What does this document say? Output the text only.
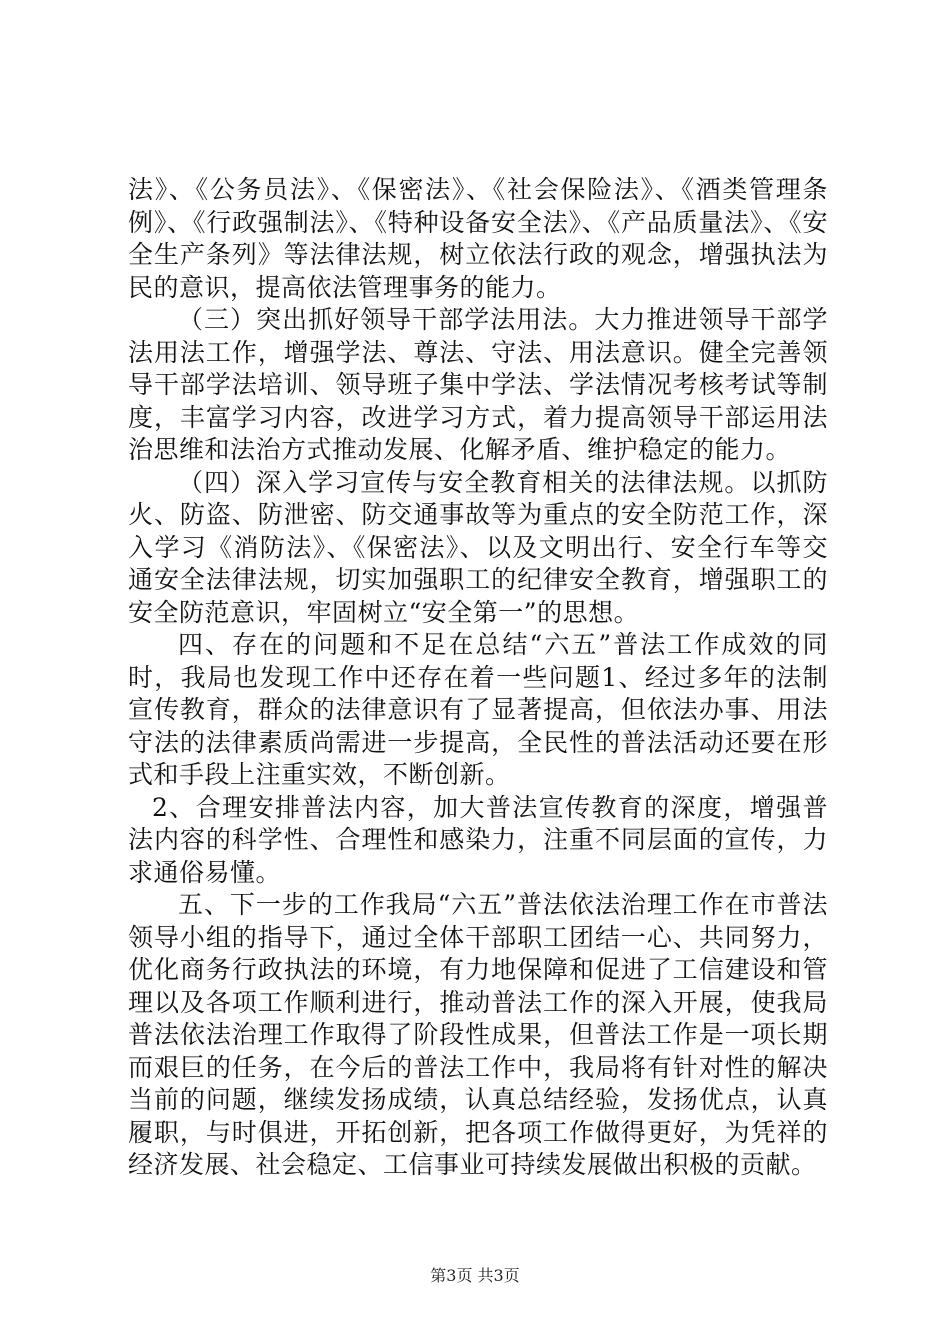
法》、《公务员法》、《保密法》、《社会保险法》、《酒类管理条例》、《行政强制法》、《特种设备安全法》、《产品质量法》、《安全生产条列》等法律法规，树立依法行政的观念，增强执法为民的意识，提高依法管理事务的能力。

（三）突出抓好领导干部学法用法。大力推进领导干部学法用法工作，增强学法、尊法、守法、用法意识。健全完善领导干部学法培训、领导班子集中学法、学法情况考核考试等制度，丰富学习内容，改进学习方式，着力提高领导干部运用法治思维和法治方式推动发展、化解矛盾、维护稳定的能力。

（四）深入学习宣传与安全教育相关的法律法规。以抓防火、防盗、防泄密、防交通事故等为重点的安全防范工作，深入学习《消防法》、《保密法》、以及文明出行、安全行车等交通安全法律法规，切实加强职工的纪律安全教育，增强职工的安全防范意识，牢固树立“安全第一”的思想。

四、存在的问题和不足在总结“六五”普法工作成效的同时，我局也发现工作中还存在着一些问题1、经过多年的法制宣传教育，群众的法律意识有了显著提高，但依法办事、用法守法的法律素质尚需进一步提高，全民性的普法活动还要在形式和手段上注重实效，不断创新。

2、合理安排普法内容，加大普法宣传教育的深度，增强普法内容的科学性、合理性和感染力，注重不同层面的宣传，力求通俗易懂。

五、下一步的工作我局“六五”普法依法治理工作在市普法领导小组的指导下，通过全体干部职工团结一心、共同努力，优化商务行政执法的环境，有力地保障和促进了工信建设和管理以及各项工作顺利进行，推动普法工作的深入开展，使我局普法依法治理工作取得了阶段性成果，但普法工作是一项长期而艰巨的任务，在今后的普法工作中，我局将有针对性的解决当前的问题，继续发扬成绩，认真总结经验，发扬优点，认真履职，与时俱进，开拓创新，把各项工作做得更好，为凭祥的经济发展、社会稳定、工信事业可持续发展做出积极的贡献。

第3页 共3页
